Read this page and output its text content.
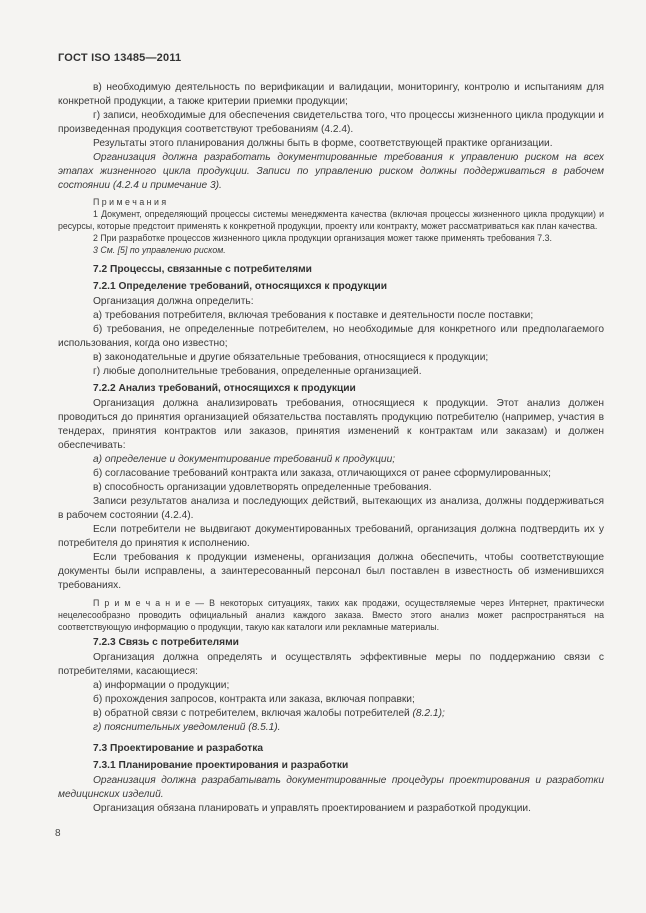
ГОСТ ISO 13485—2011

в) необходимую деятельность по верификации и валидации, мониторингу, контролю и испытаниям для конкретной продукции, а также критерии приемки продукции;

г) записи, необходимые для обеспечения свидетельства того, что процессы жизненного цикла продукции и произведенная продукция соответствуют требованиям (4.2.4).

Результаты этого планирования должны быть в форме, соответствующей практике организации.

Организация должна разработать документированные требования к управлению риском на всех этапах жизненного цикла продукции. Записи по управлению риском должны поддерживаться в рабочем состоянии (4.2.4 и примечание 3).

П р и м е ч а н и я

1 Документ, определяющий процессы системы менеджмента качества (включая процессы жизненного цикла продукции) и ресурсы, которые предстоит применять к конкретной продукции, проекту или контракту, может рассматриваться как план качества.

2 При разработке процессов жизненного цикла продукции организация может также применять требования 7.3.

3 См. [5] по управлению риском.

7.2 Процессы, связанные с потребителями

7.2.1 Определение требований, относящихся к продукции

Организация должна определить:

а) требования потребителя, включая требования к поставке и деятельности после поставки;

б) требования, не определенные потребителем, но необходимые для конкретного или предполагаемого использования, когда оно известно;

в) законодательные и другие обязательные требования, относящиеся к продукции;

г) любые дополнительные требования, определенные организацией.

7.2.2 Анализ требований, относящихся к продукции

Организация должна анализировать требования, относящиеся к продукции. Этот анализ должен проводиться до принятия организацией обязательства поставлять продукцию потребителю (например, участия в тендерах, принятия контрактов или заказов, принятия изменений к контрактам или заказам) и должен обеспечивать:

а) определение и документирование требований к продукции;

б) согласование требований контракта или заказа, отличающихся от ранее сформулированных;

в) способность организации удовлетворять определенные требования.

Записи результатов анализа и последующих действий, вытекающих из анализа, должны поддерживаться в рабочем состоянии (4.2.4).

Если потребители не выдвигают документированных требований, организация должна подтвердить их у потребителя до принятия к исполнению.

Если требования к продукции изменены, организация должна обеспечить, чтобы соответствующие документы были исправлены, а заинтересованный персонал был поставлен в известность об изменившихся требованиях.

П р и м е ч а н и е — В некоторых ситуациях, таких как продажи, осуществляемые через Интернет, практически нецелесообразно проводить официальный анализ каждого заказа. Вместо этого анализ может распространяться на соответствующую информацию о продукции, такую как каталоги или рекламные материалы.

7.2.3 Связь с потребителями

Организация должна определять и осуществлять эффективные меры по поддержанию связи с потребителями, касающиеся:

а) информации о продукции;

б) прохождения запросов, контракта или заказа, включая поправки;

в) обратной связи с потребителем, включая жалобы потребителей (8.2.1);

г) пояснительных уведомлений (8.5.1).

7.3 Проектирование и разработка

7.3.1 Планирование проектирования и разработки

Организация должна разрабатывать документированные процедуры проектирования и разработки медицинских изделий.

Организация обязана планировать и управлять проектированием и разработкой продукции.

8
